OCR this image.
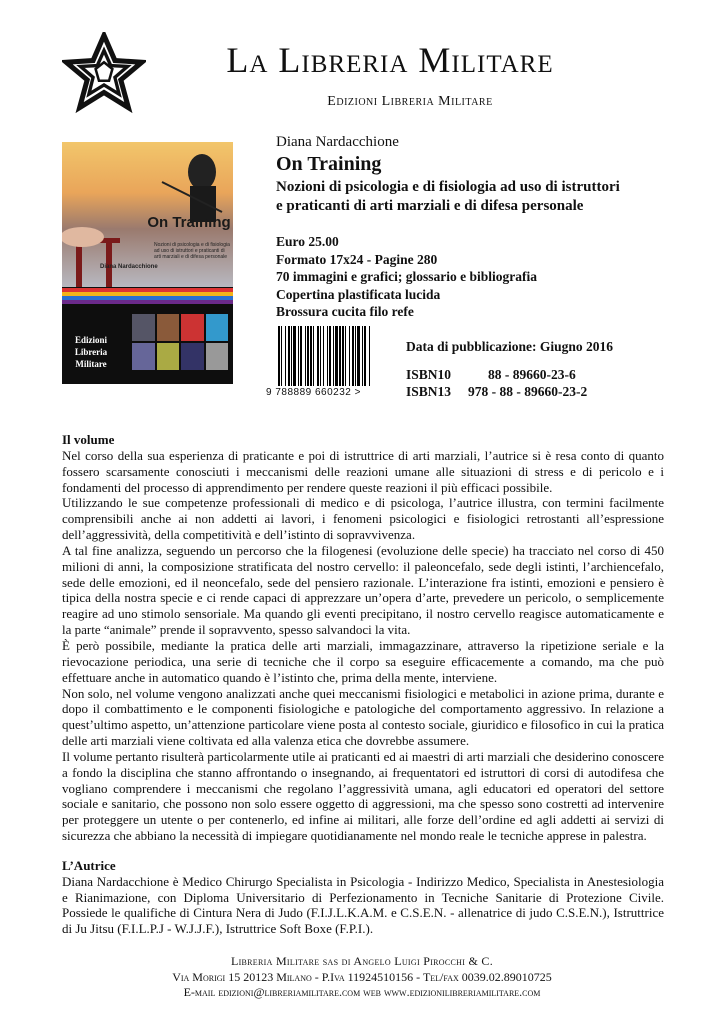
La Libreria Militare
Edizioni Libreria Militare
On Training
Nozioni di psicologia e di fisiologia ad uso di istruttori e praticanti di arti marziali e di difesa personale
Diana Nardacchione
Edizioni
Libreria
Militare
Diana Nardacchione
On Training
Nozioni di psicologia e di fisiologia ad uso di istruttori
e praticanti di arti marziali e di difesa personale
Euro 25.00
Formato 17x24 - Pagine 280
70 immagini e grafici; glossario e bibliografia
Copertina plastificata lucida
Brossura cucita filo refe
9 788889 660232 >
Data di pubblicazione: Giugno 2016
ISBN10	88 - 89660-23-6
ISBN13 978 - 88 - 89660-23-2
Il volume

Nel corso della sua esperienza di praticante e poi di istruttrice di arti marziali, l’autrice si è resa conto di quanto fossero scarsamente conosciuti i meccanismi delle reazioni umane alle situazioni di stress e di pericolo e i fondamenti del processo di apprendimento per rendere queste reazioni il più efficaci possibile.

Utilizzando le sue competenze professionali di medico e di psicologa, l’autrice illustra, con termini facilmente comprensibili anche ai non addetti ai lavori, i fenomeni psicologici e fisiologici retrostanti all’espressione dell’aggressività, della competitività e dell’istinto di sopravvivenza.

A tal fine analizza, seguendo un percorso che la filogenesi (evoluzione delle specie) ha tracciato nel corso di 450 milioni di anni, la composizione stratificata del nostro cervello: il paleoncefalo, sede degli istinti, l’archiencefalo, sede delle emozioni, ed il neoncefalo, sede del pensiero razionale. L’interazione fra istinti, emozioni e pensiero è tipica della nostra specie e ci rende capaci di apprezzare un’opera d’arte, prevedere un pericolo, o semplicemente reagire ad uno stimolo sensoriale. Ma quando gli eventi precipitano, il nostro cervello reagisce automaticamente e la parte “animale” prende il sopravvento, spesso salvandoci la vita.

È però possibile, mediante la pratica delle arti marziali, immagazzinare, attraverso la ripetizione seriale e la rievocazione periodica, una serie di tecniche che il corpo sa eseguire efficacemente a comando, ma che può effettuare anche in automatico quando è l’istinto che, prima della mente, interviene.

Non solo, nel volume vengono analizzati anche quei meccanismi fisiologici e metabolici in azione prima, durante e dopo il combattimento e le componenti fisiologiche e patologiche del comportamento aggressivo. In relazione a quest’ultimo aspetto, un’attenzione particolare viene posta al contesto sociale, giuridico e filosofico in cui la pratica delle arti marziali viene coltivata ed alla valenza etica che dovrebbe assumere.

Il volume pertanto risulterà particolarmente utile ai praticanti ed ai maestri di arti marziali che desiderino conoscere a fondo la disciplina che stanno affrontando o insegnando, ai frequentatori ed istruttori di corsi di autodifesa che vogliano comprendere i meccanismi che regolano l’aggressività umana, agli educatori ed operatori del settore sociale e sanitario, che possono non solo essere oggetto di aggressioni, ma che spesso sono costretti ad intervenire per proteggere un utente o per contenerlo, ed infine ai militari, alle forze dell’ordine ed agli addetti ai servizi di sicurezza che abbiano la necessità di impiegare quotidianamente nel mondo reale le tecniche apprese in palestra.

L’Autrice

Diana Nardacchione è Medico Chirurgo Specialista in Psicologia - Indirizzo Medico, Specialista in Anestesiologia e Rianimazione, con Diploma Universitario di Perfezionamento in Tecniche Sanitarie di Protezione Civile. Possiede le qualifiche di Cintura Nera di Judo (F.I.J.L.K.A.M. e C.S.E.N. - allenatrice di judo C.S.E.N.), Istruttrice di Ju Jitsu (F.I.L.P.J - W.J.J.F.), Istruttrice Soft Boxe (F.P.I.).

Libreria Militare sas di Angelo Luigi Pirocchi & C.
Via Morigi 15 20123 Milano - P.Iva 11924510156 - Tel/fax 0039.02.89010725
E-mail edizioni@libreriamilitare.com web www.edizionilibreriamilitare.com
